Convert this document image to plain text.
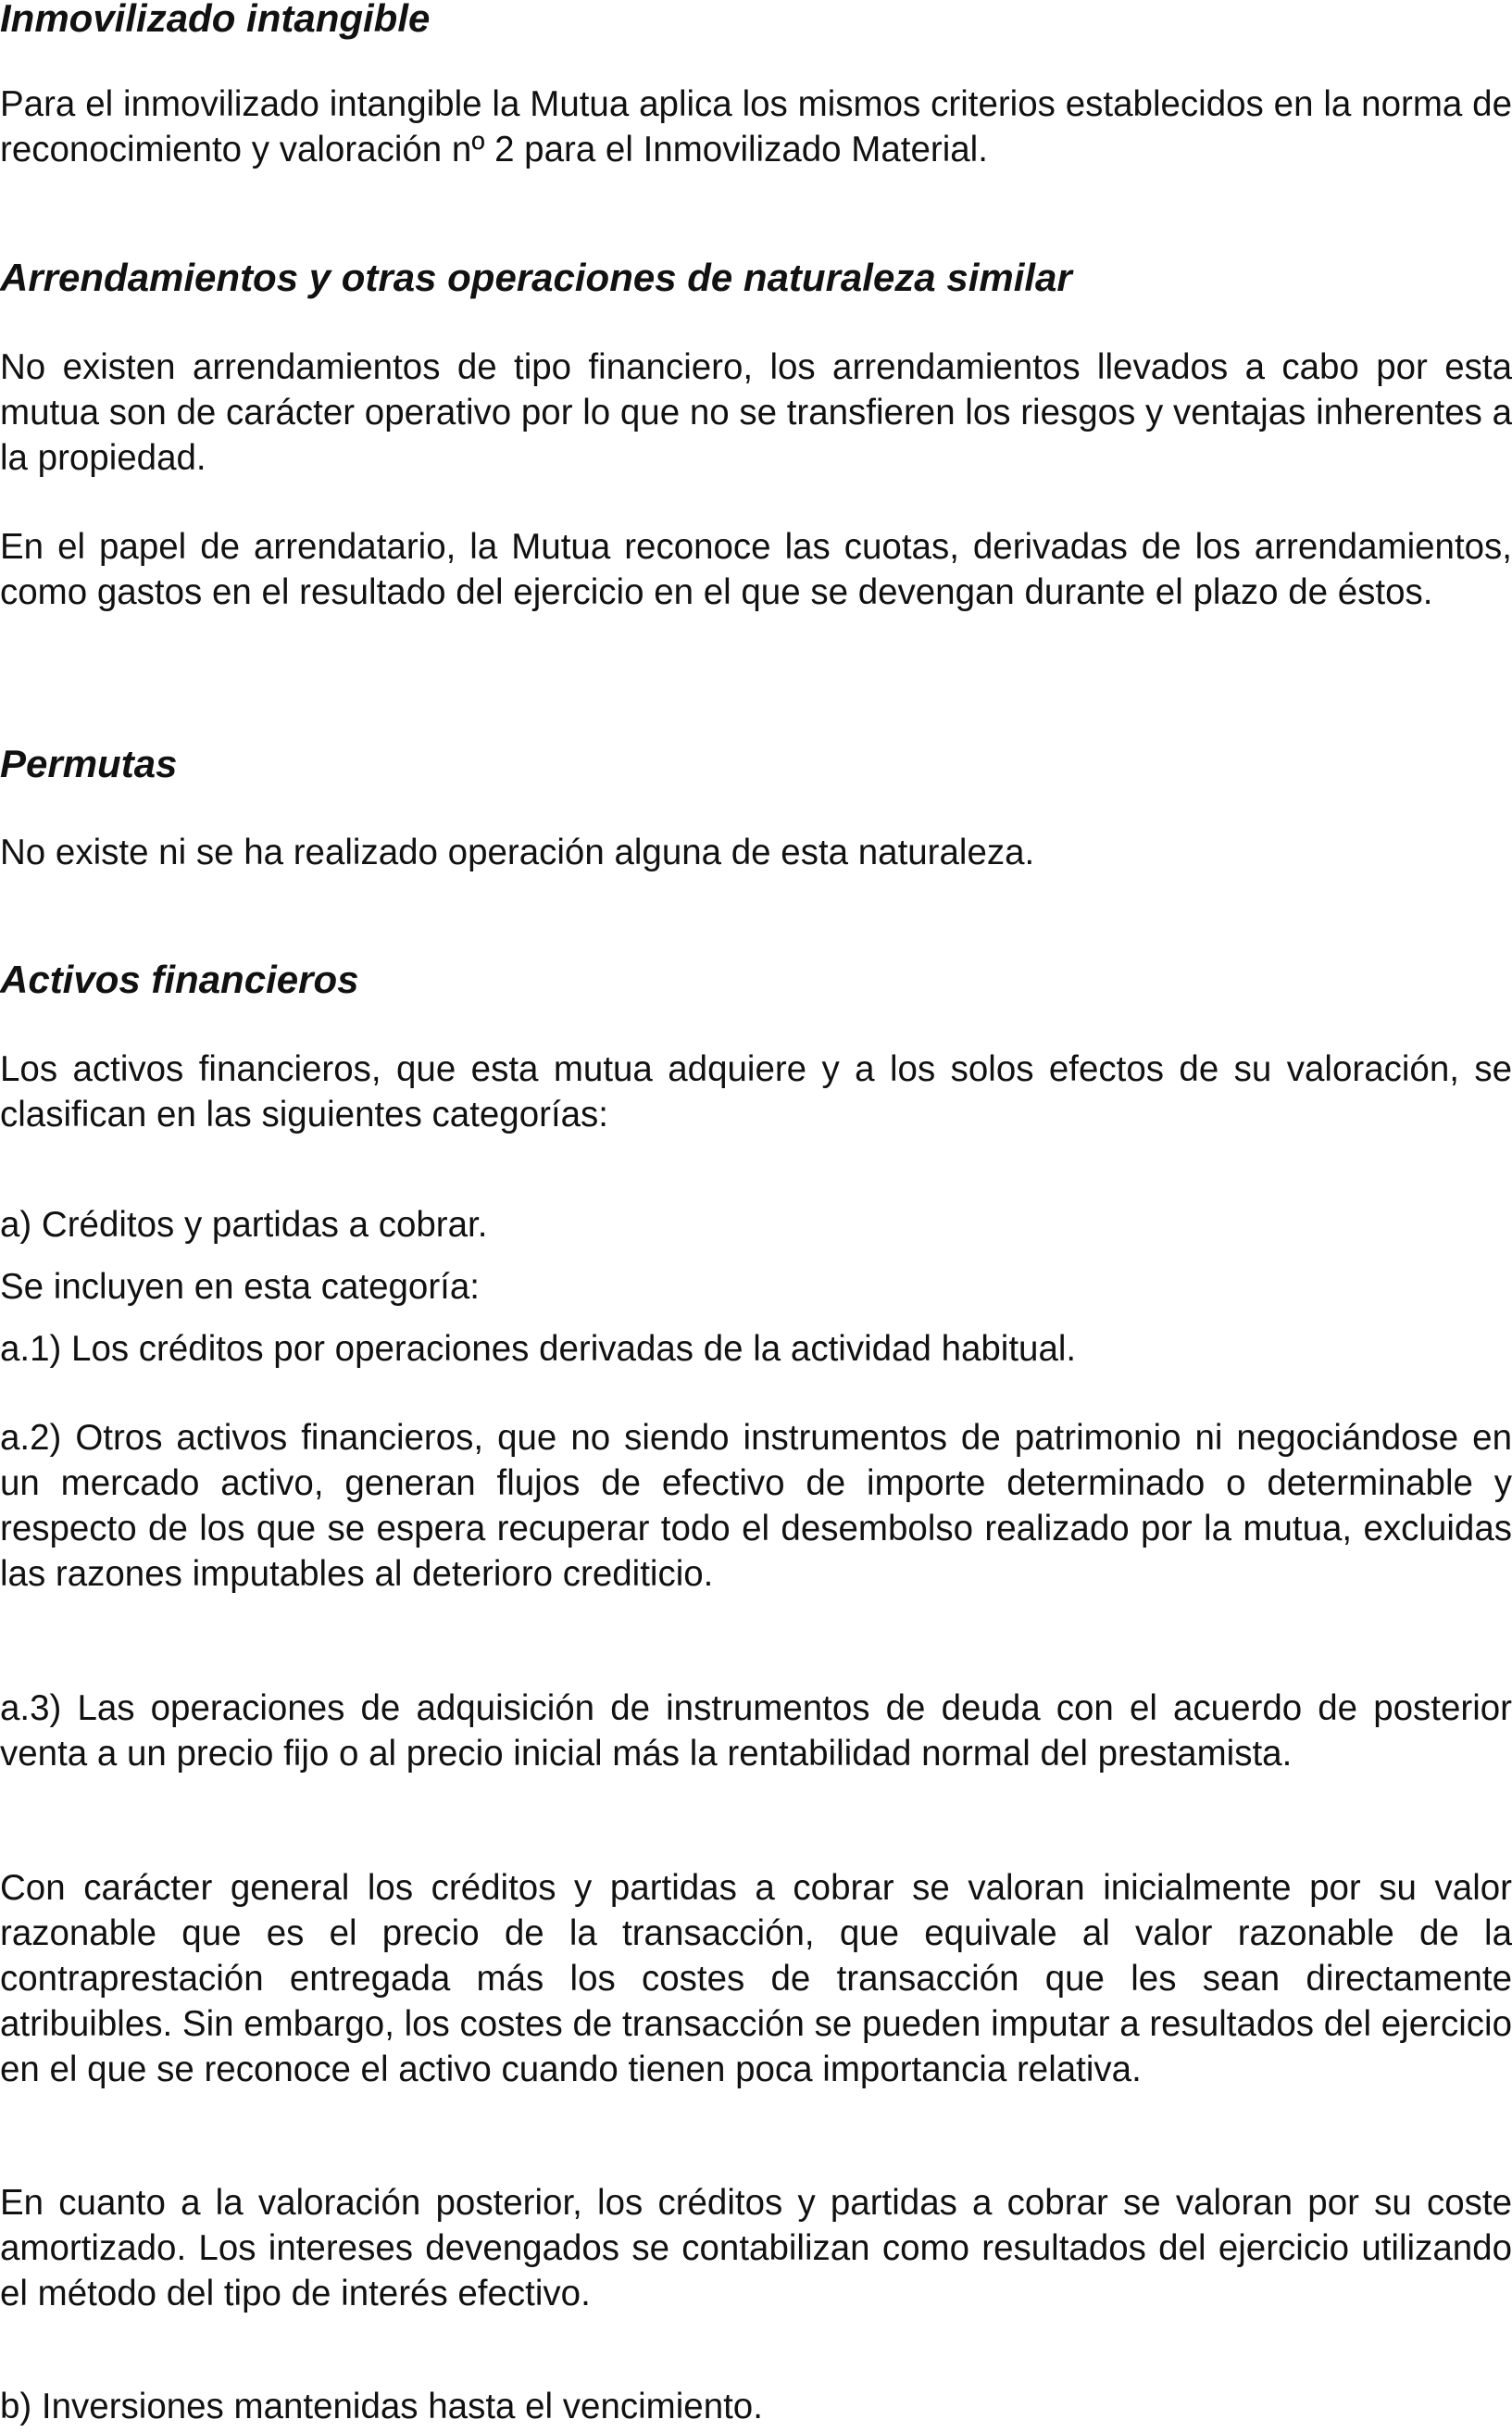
Inmovilizado intangible

Para el inmovilizado intangible la Mutua aplica los mismos criterios establecidos en la norma de reconocimiento y valoración nº 2 para el Inmovilizado Material.

Arrendamientos y otras operaciones de naturaleza similar

No existen arrendamientos de tipo financiero, los arrendamientos llevados a cabo por esta mutua son de carácter operativo por lo que no se transfieren los riesgos y ventajas inherentes a la propiedad.

En el papel de arrendatario, la Mutua reconoce las cuotas, derivadas de los arrendamientos, como gastos en el resultado del ejercicio en el que se devengan durante el plazo de éstos.

Permutas

No existe ni se ha realizado operación alguna de esta naturaleza.

Activos financieros

Los activos financieros, que esta mutua adquiere y a los solos efectos de su valoración, se clasifican en las siguientes categorías:

a) Créditos y partidas a cobrar.

Se incluyen en esta categoría:

a.1) Los créditos por operaciones derivadas de la actividad habitual.

a.2) Otros activos financieros, que no siendo instrumentos de patrimonio ni negociándose en un mercado activo, generan flujos de efectivo de importe determinado o determinable y respecto de los que se espera recuperar todo el desembolso realizado por la mutua, excluidas las razones imputables al deterioro crediticio.

a.3) Las operaciones de adquisición de instrumentos de deuda con el acuerdo de posterior venta a un precio fijo o al precio inicial más la rentabilidad normal del prestamista.

Con carácter general los créditos y partidas a cobrar se valoran inicialmente por su valor razonable que es el precio de la transacción, que equivale al valor razonable de la contraprestación entregada más los costes de transacción que les sean directamente atribuibles. Sin embargo, los costes de transacción se pueden imputar a resultados del ejercicio en el que se reconoce el activo cuando tienen poca importancia relativa.

En cuanto a la valoración posterior, los créditos y partidas a cobrar se valoran por su coste amortizado. Los intereses devengados se contabilizan como resultados del ejercicio utilizando el método del tipo de interés efectivo.

b) Inversiones mantenidas hasta el vencimiento.
